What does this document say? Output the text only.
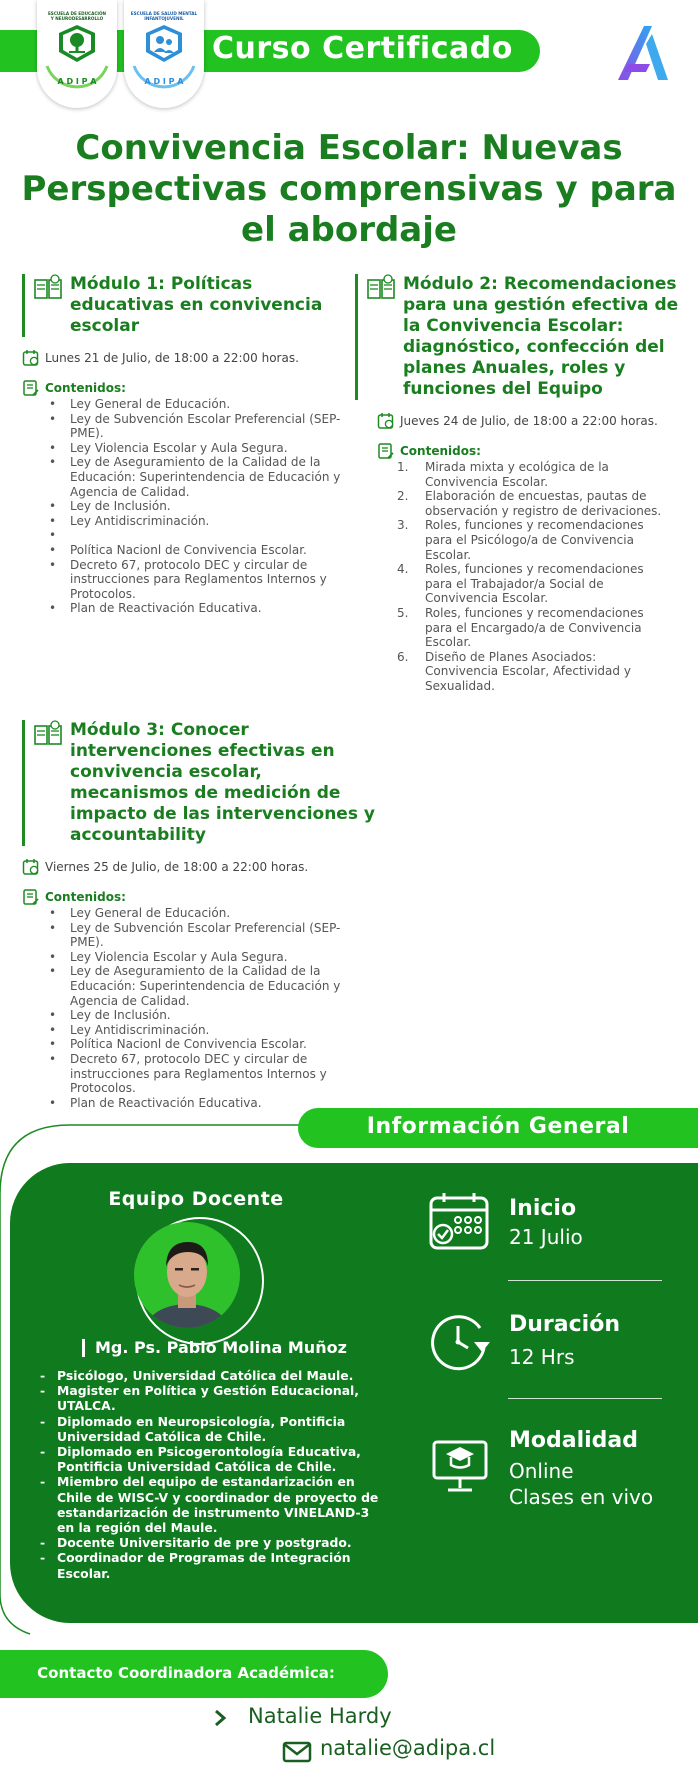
Curso Certificado
ESCUELA DE EDUCACIÓN
Y NEURODESARROLLO
A D I P A
ESCUELA DE SALUD MENTAL
INFANTOJUVENIL
A D I P A
Convivencia Escolar: Nuevas Perspectivas comprensivas y para el abordaje
Módulo 1: Políticas educativas en convivencia escolar
Lunes 21 de Julio, de 18:00 a 22:00 horas.
Contenidos:
• Ley General de Educación.
• Ley de Subvención Escolar Preferencial (SEP-PME).
• Ley Violencia Escolar y Aula Segura.
• Ley de Aseguramiento de la Calidad de la Educación: Superintendencia de Educación y Agencia de Calidad.
• Ley de Inclusión.
• Ley Antidiscriminación.
•
• Política Nacionl de Convivencia Escolar.
• Decreto 67, protocolo DEC y circular de instrucciones para Reglamentos Internos y Protocolos.
• Plan de Reactivación Educativa.
Módulo 2: Recomendaciones para una gestión efectiva de la Convivencia Escolar: diagnóstico, confección del planes Anuales, roles y funciones del Equipo
Jueves 24 de Julio, de 18:00 a 22:00 horas.
Contenidos:
1. Mirada mixta y ecológica de la Convivencia Escolar.
2. Elaboración de encuestas, pautas de observación y registro de derivaciones.
3. Roles, funciones y recomendaciones para el Psicólogo/a de Convivencia Escolar.
4. Roles, funciones y recomendaciones para el Trabajador/a Social de Convivencia Escolar.
5. Roles, funciones y recomendaciones para el Encargado/a de Convivencia Escolar.
6. Diseño de Planes Asociados: Convivencia Escolar, Afectividad y Sexualidad.
Módulo 3: Conocer intervenciones efectivas en convivencia escolar, mecanismos de medición de impacto de las intervenciones y accountability
Viernes 25 de Julio, de 18:00 a 22:00 horas.
Contenidos:
• Ley General de Educación.
• Ley de Subvención Escolar Preferencial (SEP-PME).
• Ley Violencia Escolar y Aula Segura.
• Ley de Aseguramiento de la Calidad de la Educación: Superintendencia de Educación y Agencia de Calidad.
• Ley de Inclusión.
• Ley Antidiscriminación.
• Política Nacionl de Convivencia Escolar.
• Decreto 67, protocolo DEC y circular de instrucciones para Reglamentos Internos y Protocolos.
• Plan de Reactivación Educativa.
Información General
Equipo Docente
Mg. Ps. Pablo Molina Muñoz
- Psicólogo, Universidad Católica del Maule.
- Magister en Política y Gestión Educacional, UTALCA.
- Diplomado en Neuropsicología, Pontificia Universidad Católica de Chile.
- Diplomado en Psicogerontología Educativa, Pontificia Universidad Católica de Chile.
- Miembro del equipo de estandarización en Chile de WISC-V y coordinador de proyecto de estandarización de instrumento VINELAND-3 en la región del Maule.
- Docente Universitario de pre y postgrado.
- Coordinador de Programas de Integración Escolar.
Inicio
21 Julio
Duración
12 Hrs
Modalidad
Online
Clases en vivo
Contacto Coordinadora Académica:
Natalie Hardy
natalie@adipa.cl
